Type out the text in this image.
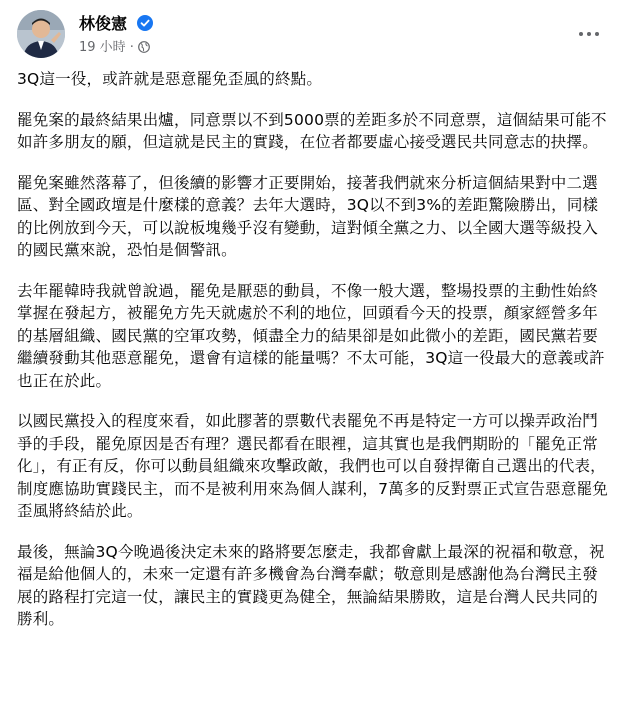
林俊憲
19 小時 ·

3Q這一役，或許就是惡意罷免歪風的終點。

罷免案的最終結果出爐，同意票以不到5000票的差距多於不同意票，這個結果可能不如許多朋友的願，但這就是民主的實踐，在位者都要虛心接受選民共同意志的抉擇。

罷免案雖然落幕了，但後續的影響才正要開始，接著我們就來分析這個結果對中二選區、對全國政壇是什麼樣的意義？去年大選時，3Q以不到3%的差距驚險勝出，同樣的比例放到今天，可以說板塊幾乎沒有變動，這對傾全黨之力、以全國大選等級投入的國民黨來說，恐怕是個警訊。

去年罷韓時我就曾說過，罷免是厭惡的動員，不像一般大選，整場投票的主動性始終掌握在發起方，被罷免方先天就處於不利的地位，回頭看今天的投票，顏家經營多年的基層組織、國民黨的空軍攻勢，傾盡全力的結果卻是如此微小的差距，國民黨若要繼續發動其他惡意罷免，還會有這樣的能量嗎？不太可能，3Q這一役最大的意義或許也正在於此。

以國民黨投入的程度來看，如此膠著的票數代表罷免不再是特定一方可以操弄政治鬥爭的手段，罷免原因是否有理？選民都看在眼裡，這其實也是我們期盼的「罷免正常化」，有正有反，你可以動員組織來攻擊政敵，我們也可以自發捍衛自己選出的代表，制度應協助實踐民主，而不是被利用來為個人謀利，7萬多的反對票正式宣告惡意罷免歪風將終結於此。

最後，無論3Q今晚過後決定未來的路將要怎麼走，我都會獻上最深的祝福和敬意，祝福是給他個人的，未來一定還有許多機會為台灣奉獻；敬意則是感謝他為台灣民主發展的路程打完這一仗，讓民主的實踐更為健全，無論結果勝敗，這是台灣人民共同的勝利。
